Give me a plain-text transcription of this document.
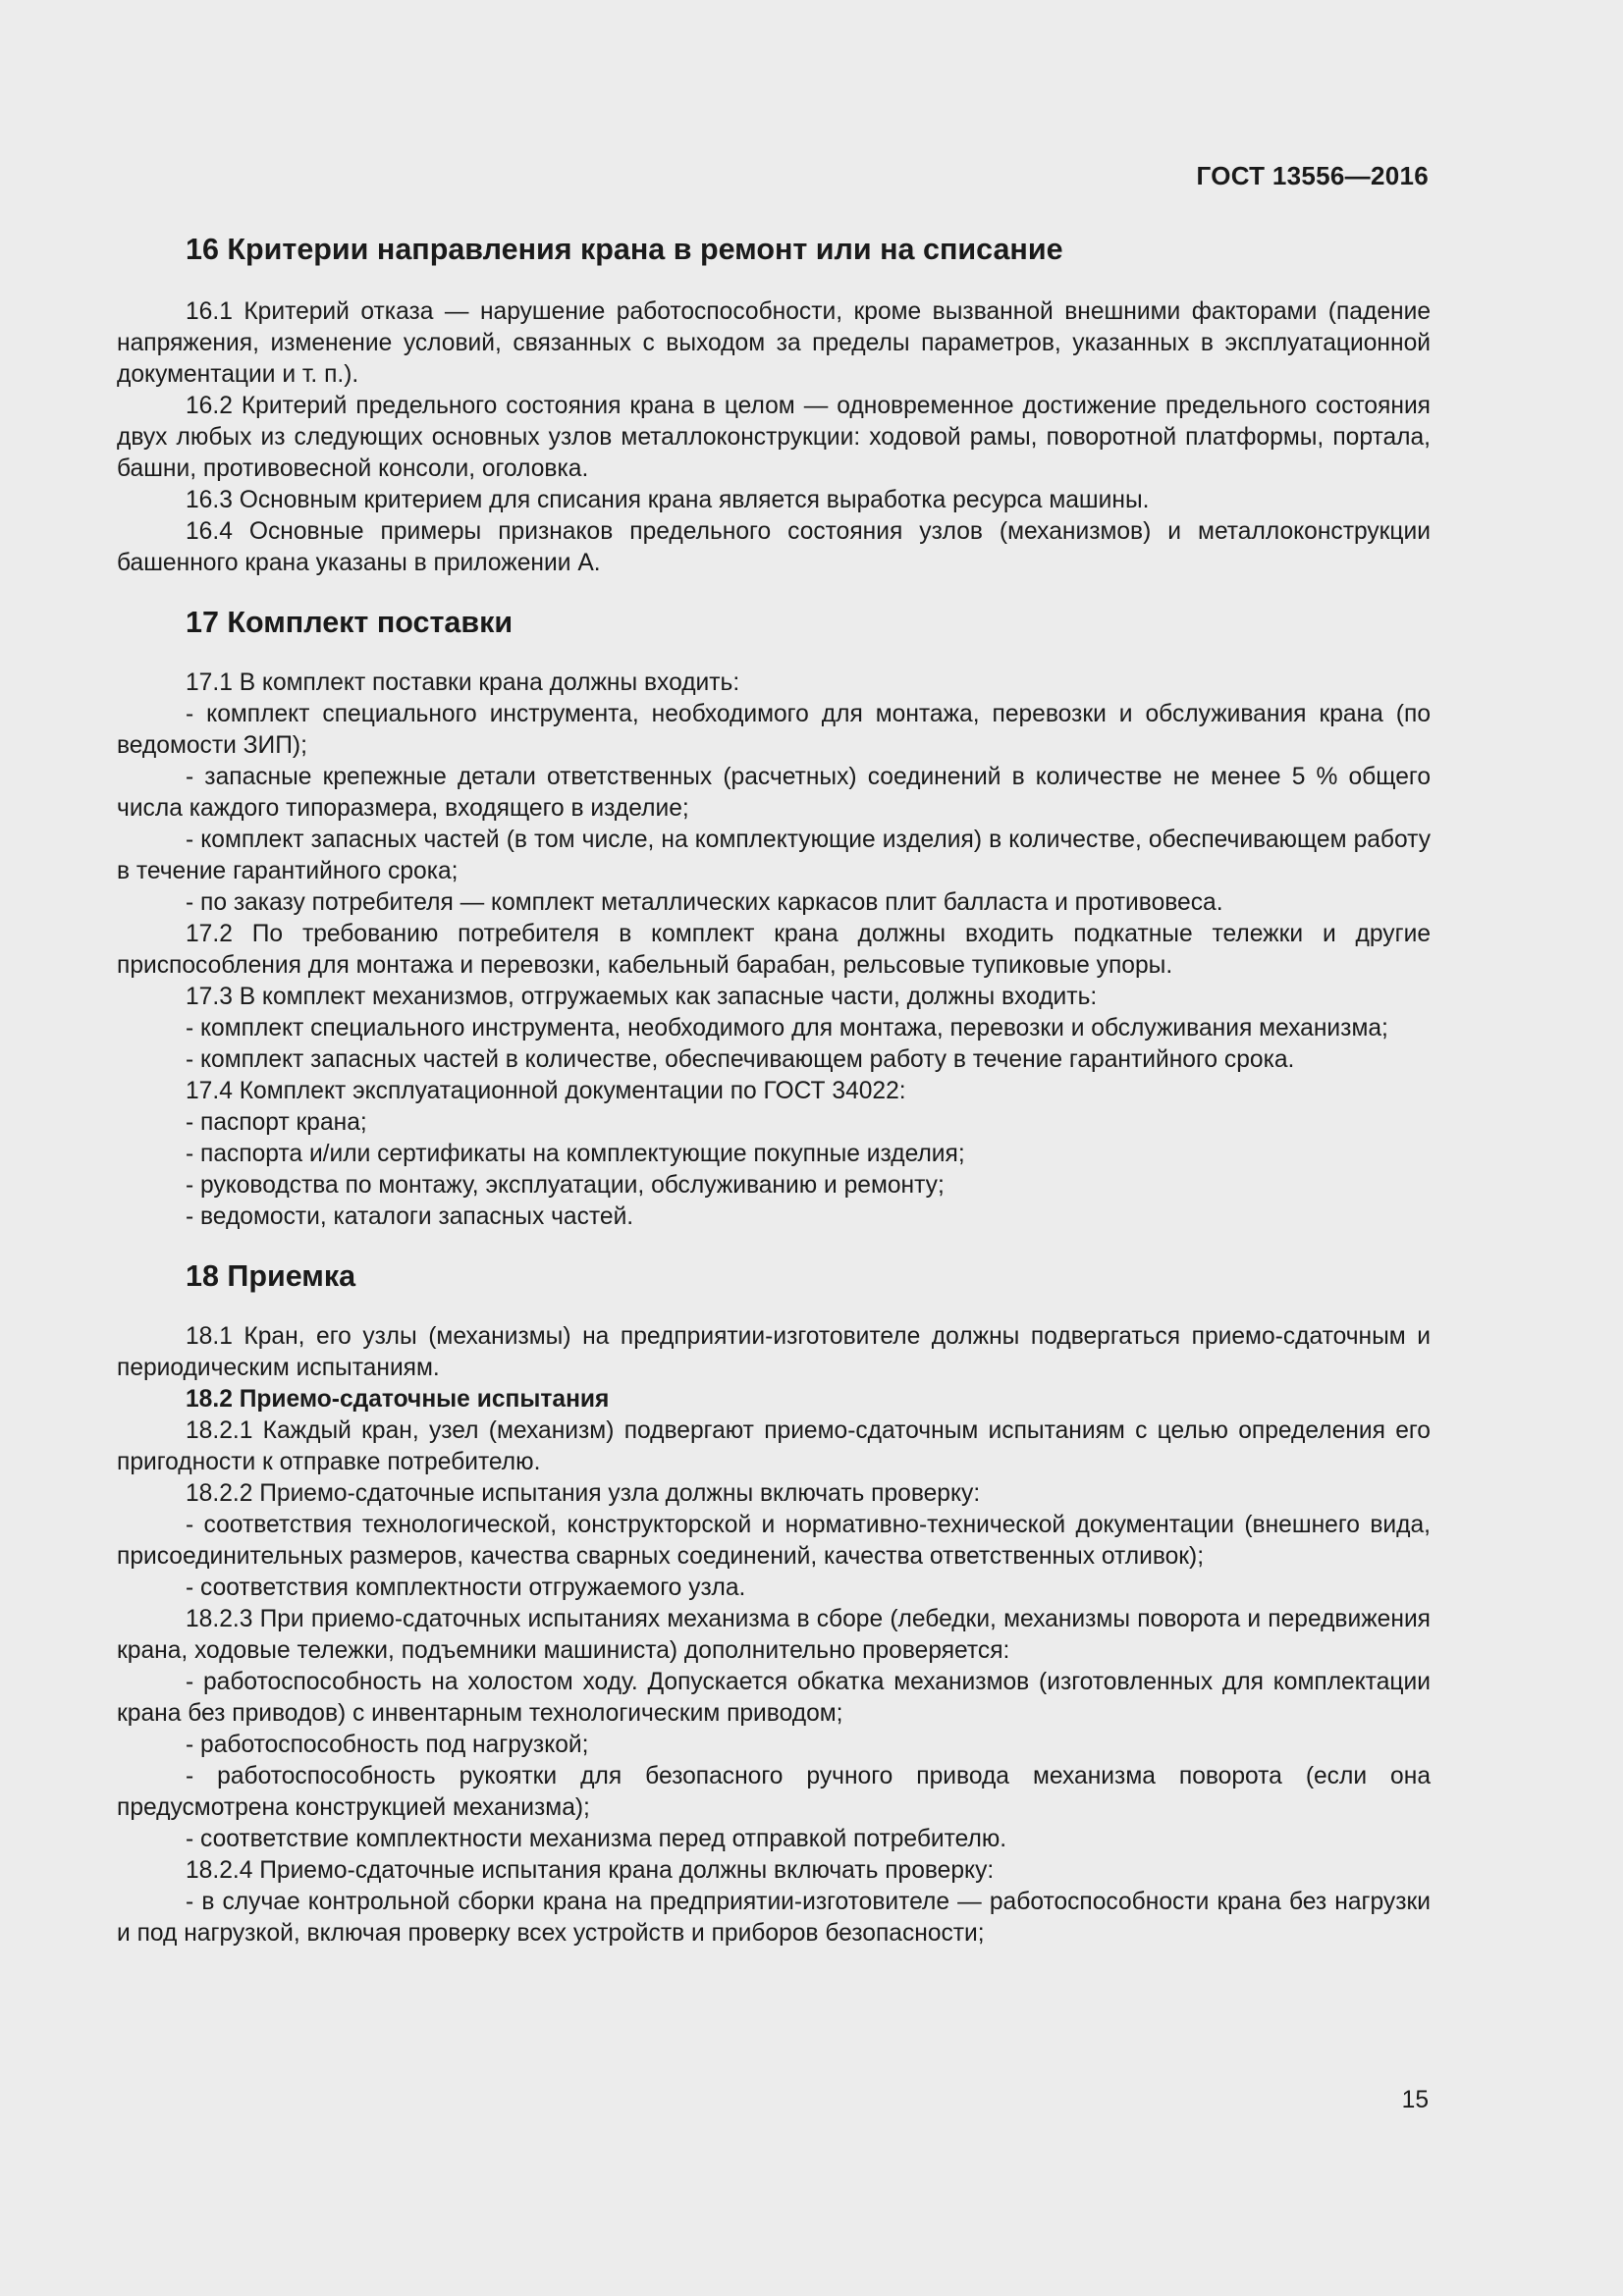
ГОСТ 13556—2016
16 Критерии направления крана в ремонт или на списание

16.1 Критерий отказа — нарушение работоспособности, кроме вызванной внешними факторами (падение напряжения, изменение условий, связанных с выходом за пределы параметров, указанных в эксплуатационной документации и т. п.).

16.2 Критерий предельного состояния крана в целом — одновременное достижение предельного состояния двух любых из следующих основных узлов металлоконструкции: ходовой рамы, поворотной платформы, портала, башни, противовесной консоли, оголовка.

16.3 Основным критерием для списания крана является выработка ресурса машины.

16.4 Основные примеры признаков предельного состояния узлов (механизмов) и металлоконструкции башенного крана указаны в приложении А.

17 Комплект поставки

17.1 В комплект поставки крана должны входить:

- комплект специального инструмента, необходимого для монтажа, перевозки и обслуживания крана (по ведомости ЗИП);

- запасные крепежные детали ответственных (расчетных) соединений в количестве не менее 5 % общего числа каждого типоразмера, входящего в изделие;

- комплект запасных частей (в том числе, на комплектующие изделия) в количестве, обеспечивающем работу в течение гарантийного срока;

- по заказу потребителя — комплект металлических каркасов плит балласта и противовеса.

17.2 По требованию потребителя в комплект крана должны входить подкатные тележки и другие приспособления для монтажа и перевозки, кабельный барабан, рельсовые тупиковые упоры.

17.3 В комплект механизмов, отгружаемых как запасные части, должны входить:

- комплект специального инструмента, необходимого для монтажа, перевозки и обслуживания механизма;

- комплект запасных частей в количестве, обеспечивающем работу в течение гарантийного срока.

17.4 Комплект эксплуатационной документации по ГОСТ 34022:

- паспорт крана;

- паспорта и/или сертификаты на комплектующие покупные изделия;

- руководства по монтажу, эксплуатации, обслуживанию и ремонту;

- ведомости, каталоги запасных частей.

18 Приемка

18.1 Кран, его узлы (механизмы) на предприятии-изготовителе должны подвергаться приемо-сдаточным и периодическим испытаниям.

18.2 Приемо-сдаточные испытания

18.2.1 Каждый кран, узел (механизм) подвергают приемо-сдаточным испытаниям с целью определения его пригодности к отправке потребителю.

18.2.2 Приемо-сдаточные испытания узла должны включать проверку:

- соответствия технологической, конструкторской и нормативно-технической документации (внешнего вида, присоединительных размеров, качества сварных соединений, качества ответственных отливок);

- соответствия комплектности отгружаемого узла.

18.2.3 При приемо-сдаточных испытаниях механизма в сборе (лебедки, механизмы поворота и передвижения крана, ходовые тележки, подъемники машиниста) дополнительно проверяется:

- работоспособность на холостом ходу. Допускается обкатка механизмов (изготовленных для комплектации крана без приводов) с инвентарным технологическим приводом;

- работоспособность под нагрузкой;

- работоспособность рукоятки для безопасного ручного привода механизма поворота (если она предусмотрена конструкцией механизма);

- соответствие комплектности механизма перед отправкой потребителю.

18.2.4 Приемо-сдаточные испытания крана должны включать проверку:

- в случае контрольной сборки крана на предприятии-изготовителе — работоспособности крана без нагрузки и под нагрузкой, включая проверку всех устройств и приборов безопасности;

15
